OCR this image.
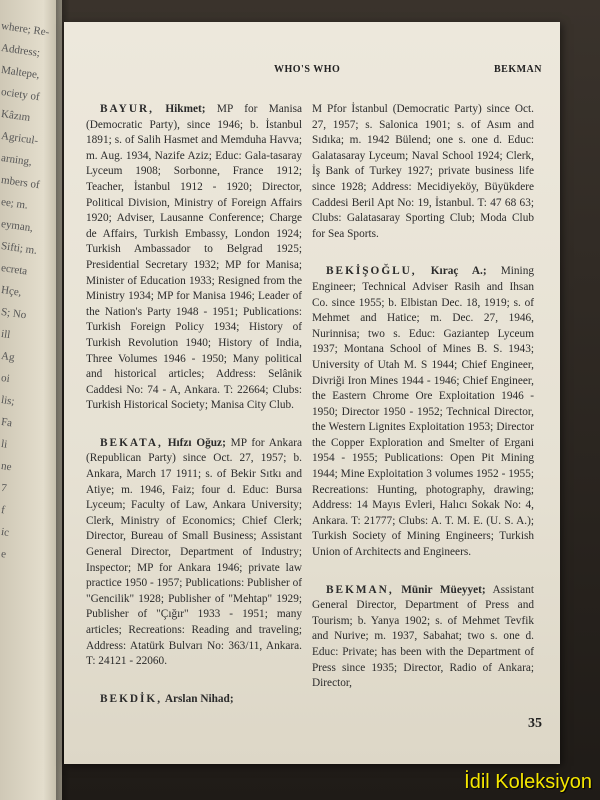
where; Re-
Address;
Maltepe,
ociety of
Kâzım
Agricul-
arning,
mbers of
ee; m.
eyman,
Sifti; m.
ecreta
Hçe,
S; No
ill
Ag
oi
lis;
Fa
li
ne
7
f
ic
e
WHO'S WHO	BEKMAN

BAYUR, Hikmet; MP for Manisa (Democratic Party), since 1946; b. İstanbul 1891; s. of Salih Hasmet and Memduha Havva; m. Aug. 1934, Nazife Aziz; Educ: Gala-tasaray Lyceum 1908; Sorbonne, France 1912; Teacher, İstanbul 1912 - 1920; Director, Political Division, Ministry of Foreign Affairs 1920; Adviser, Lausanne Conference; Charge de Affairs, Turkish Embassy, London 1924; Turkish Ambassador to Belgrad 1925; Presidential Secretary 1932; MP for Manisa; Minister of Education 1933; Resigned from the Ministry 1934; MP for Manisa 1946; Leader of the Nation's Party 1948 - 1951; Publications: Turkish Foreign Policy 1934; History of Turkish Revolution 1940; History of India, Three Volumes 1946 - 1950; Many political and historical articles; Address: Selânik Caddesi No: 74 - A, Ankara. T: 22664; Clubs: Turkish Historical Society; Manisa City Club.

BEKATA, Hıfzı Oğuz; MP for Ankara (Republican Party) since Oct. 27, 1957; b. Ankara, March 17 1911; s. of Bekir Sıtkı and Atiye; m. 1946, Faiz; four d. Educ: Bursa Lyceum; Faculty of Law, Ankara University; Clerk, Ministry of Economics; Chief Clerk; Director, Bureau of Small Business; Assistant General Director, Department of Industry; Inspector; MP for Ankara 1946; private law practice 1950 - 1957; Publications: Publisher of "Gencilik" 1928; Publisher of "Mehtap" 1929; Publisher of "Çığır" 1933 - 1951; many articles; Recreations: Reading and traveling; Address: Atatürk Bulvarı No: 363/11, Ankara. T: 24121 - 22060.

BEKDİK, Arslan Nihad;

M Pfor İstanbul (Democratic Party) since Oct. 27, 1957; s. Salonica 1901; s. of Asım and Sıdıka; m. 1942 Bülend; one s. one d. Educ: Galatasaray Lyceum; Naval School 1924; Clerk, İş Bank of Turkey 1927; private business life since 1928; Address: Mecidiyeköy, Büyükdere Caddesi Beril Apt No: 19, İstanbul. T: 47 68 63; Clubs: Galatasaray Sporting Club; Moda Club for Sea Sports.

BEKİŞOĞLU, Kıraç A.; Mining Engineer; Technical Adviser Rasih and Ihsan Co. since 1955; b. Elbistan Dec. 18, 1919; s. of Mehmet and Hatice; m. Dec. 27, 1946, Nurinnisa; two s. Educ: Gaziantep Lyceum 1937; Montana School of Mines B. S. 1943; University of Utah M. S 1944; Chief Engineer, Divriği Iron Mines 1944 - 1946; Chief Engineer, the Eastern Chrome Ore Exploitation 1946 - 1950; Director 1950 - 1952; Technical Director, the Western Lignites Exploitation 1953; Director the Copper Exploration and Smelter of Ergani 1954 - 1955; Publications: Open Pit Mining 1944; Mine Exploitation 3 volumes 1952 - 1955; Recreations: Hunting, photography, drawing; Address: 14 Mayıs Evleri, Halıcı Sokak No: 4, Ankara. T: 21777; Clubs: A. T. M. E. (U. S. A.); Turkish Society of Mining Engineers; Turkish Union of Architects and Engineers.

BEKMAN, Münir Müeyyet; Assistant General Director, Department of Press and Tourism; b. Yanya 1902; s. of Mehmet Tevfik and Nurive; m. 1937, Sabahat; two s. one d. Educ: Private; has been with the Department of Press since 1935; Director, Radio of Ankara; Director,

35
İdil Koleksiyon
